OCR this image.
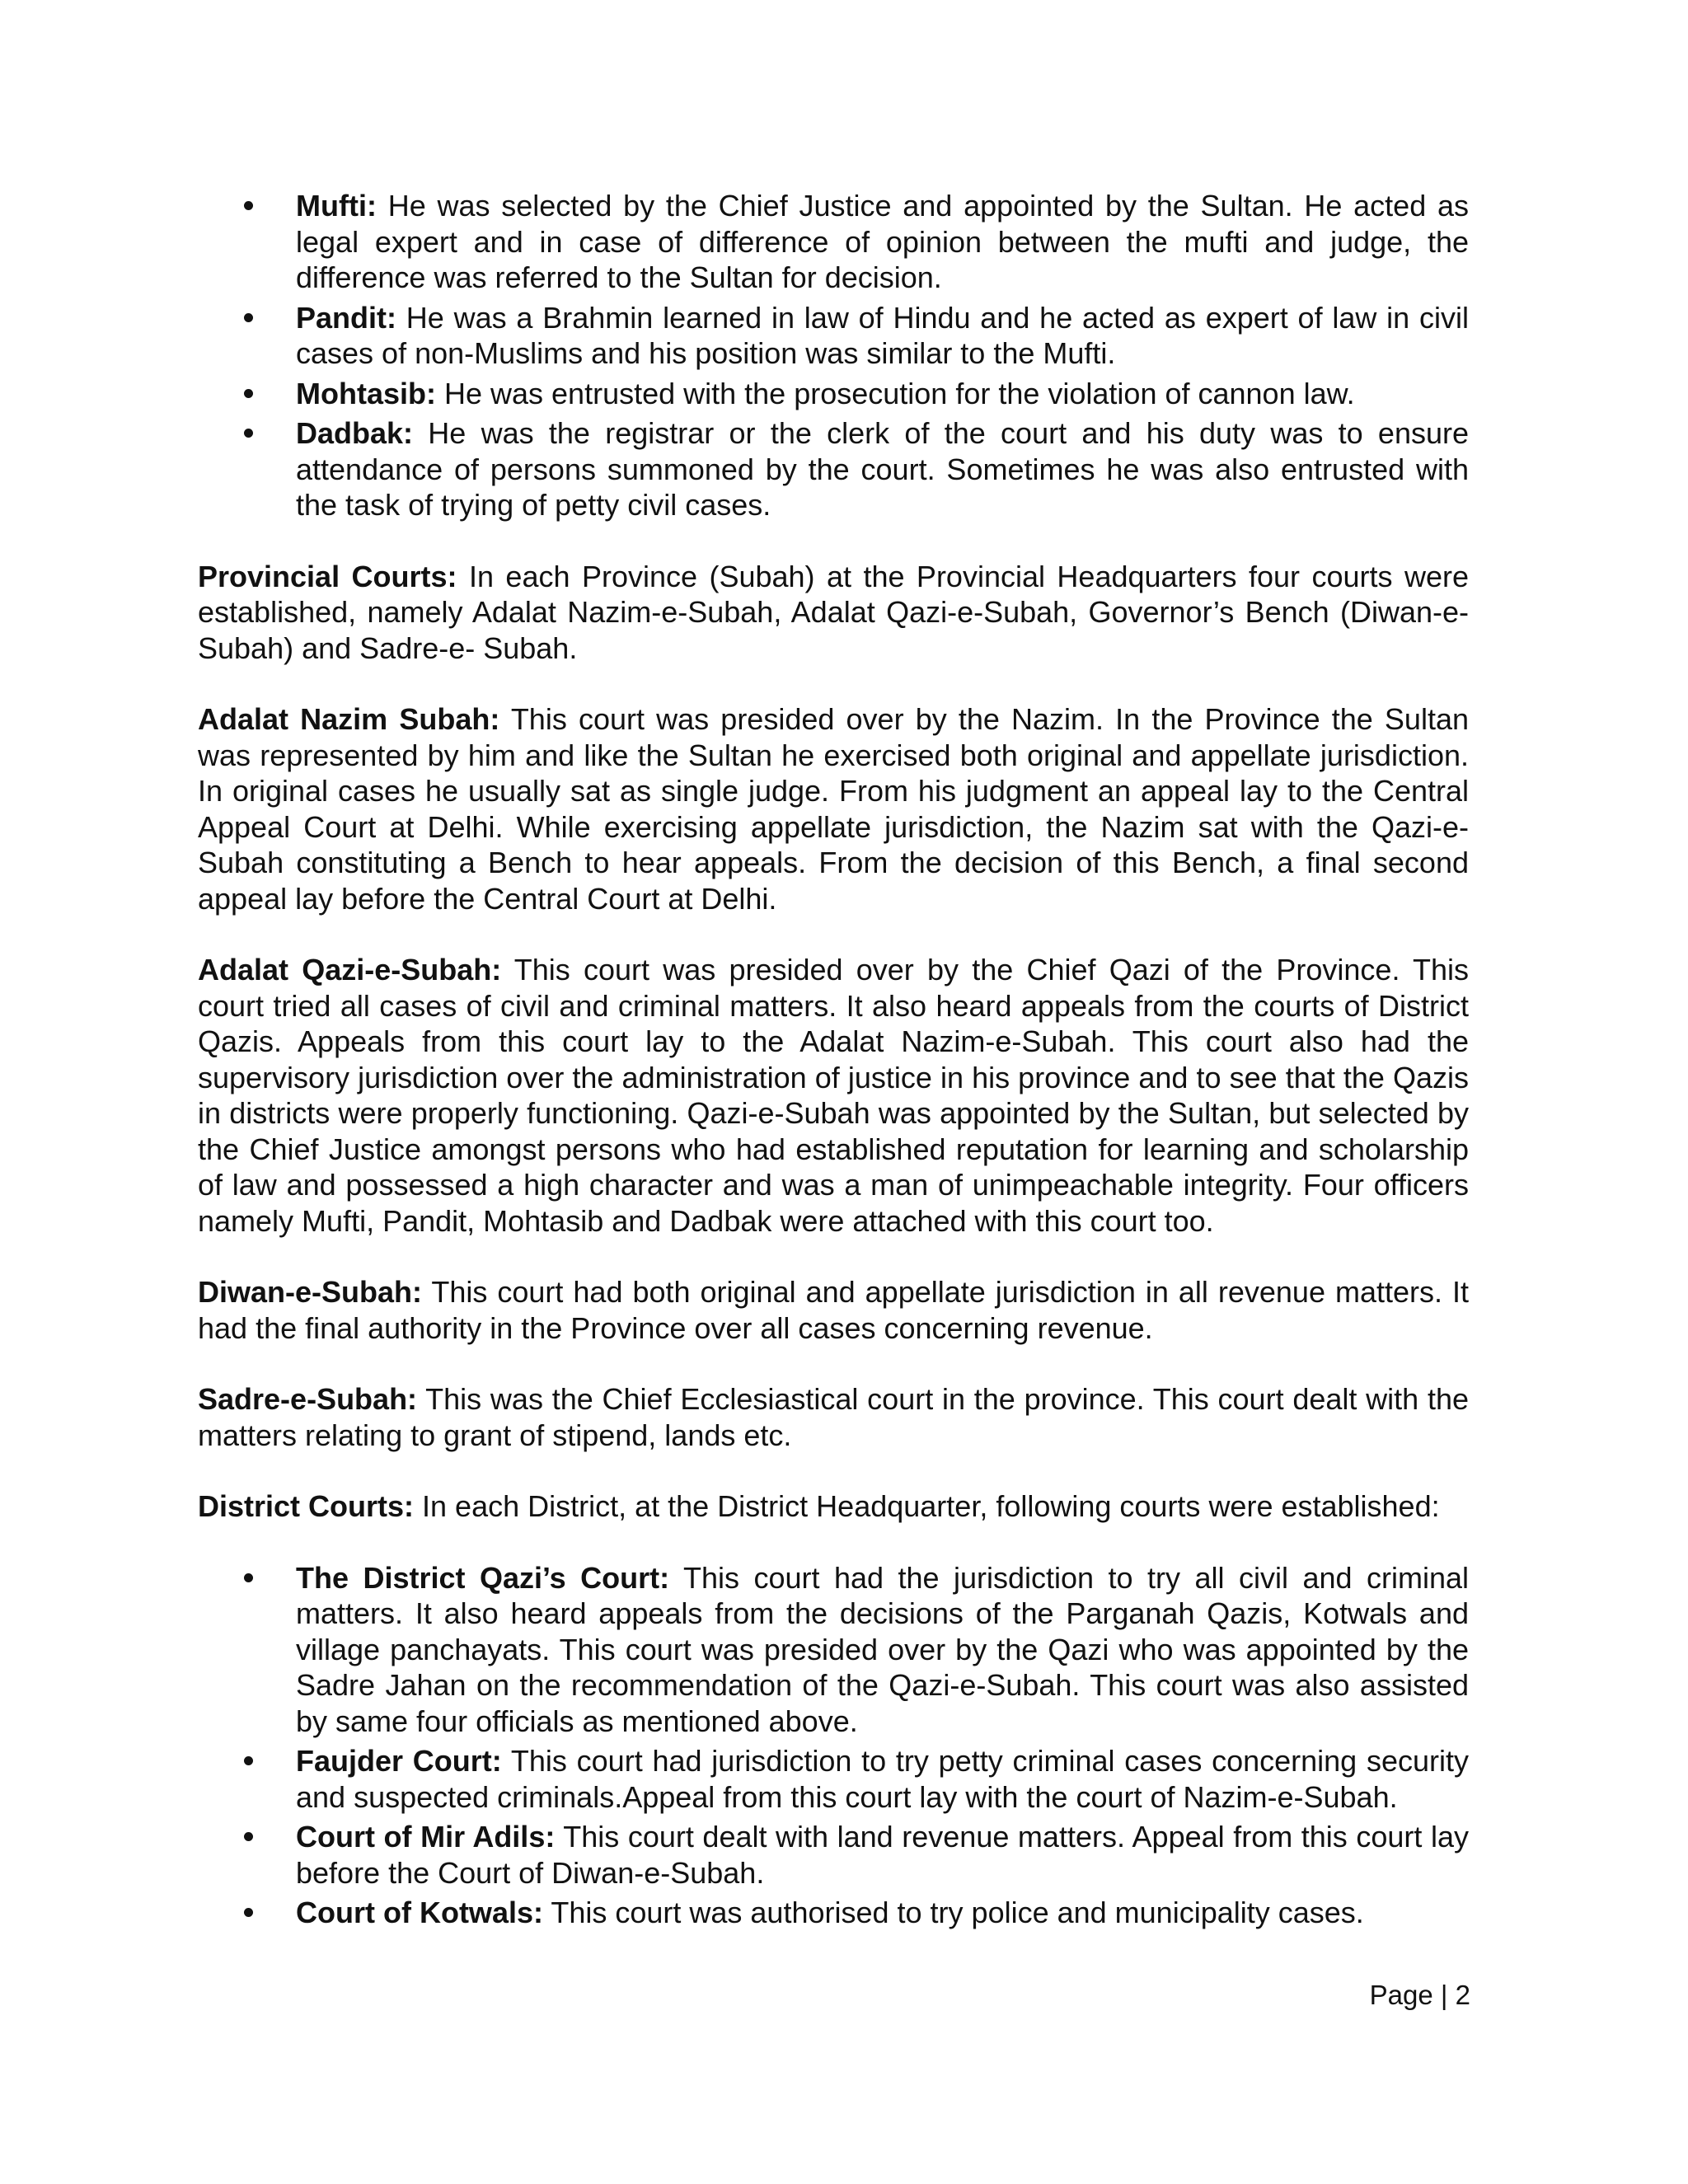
Mufti: He was selected by the Chief Justice and appointed by the Sultan. He acted as legal expert and in case of difference of opinion between the mufti and judge, the difference was referred to the Sultan for decision.
Pandit: He was a Brahmin learned in law of Hindu and he acted as expert of law in civil cases of non-Muslims and his position was similar to the Mufti.
Mohtasib: He was entrusted with the prosecution for the violation of cannon law.
Dadbak: He was the registrar or the clerk of the court and his duty was to ensure attendance of persons summoned by the court. Sometimes he was also entrusted with the task of trying of petty civil cases.

Provincial Courts: In each Province (Subah) at the Provincial Headquarters four courts were established, namely Adalat Nazim-e-Subah, Adalat Qazi-e-Subah, Governor’s Bench (Diwan-e-Subah) and Sadre-e- Subah.

Adalat Nazim Subah: This court was presided over by the Nazim. In the Province the Sultan was represented by him and like the Sultan he exercised both original and appellate jurisdiction. In original cases he usually sat as single judge. From his judgment an appeal lay to the Central Appeal Court at Delhi. While exercising appellate jurisdiction, the Nazim sat with the Qazi-e-Subah constituting a Bench to hear appeals. From the decision of this Bench, a final second appeal lay before the Central Court at Delhi.

Adalat Qazi-e-Subah: This court was presided over by the Chief Qazi of the Province. This court tried all cases of civil and criminal matters. It also heard appeals from the courts of District Qazis. Appeals from this court lay to the Adalat Nazim-e-Subah. This court also had the supervisory jurisdiction over the administration of justice in his province and to see that the Qazis in districts were properly functioning. Qazi-e-Subah was appointed by the Sultan, but selected by the Chief Justice amongst persons who had established reputation for learning and scholarship of law and possessed a high character and was a man of unimpeachable integrity. Four officers namely Mufti, Pandit, Mohtasib and Dadbak were attached with this court too.

Diwan-e-Subah: This court had both original and appellate jurisdiction in all revenue matters. It had the final authority in the Province over all cases concerning revenue.

Sadre-e-Subah: This was the Chief Ecclesiastical court in the province. This court dealt with the matters relating to grant of stipend, lands etc.

District Courts: In each District, at the District Headquarter, following courts were established:

The District Qazi’s Court: This court had the jurisdiction to try all civil and criminal matters. It also heard appeals from the decisions of the Parganah Qazis, Kotwals and village panchayats. This court was presided over by the Qazi who was appointed by the Sadre Jahan on the recommendation of the Qazi-e-Subah. This court was also assisted by same four officials as mentioned above.
Faujder Court: This court had jurisdiction to try petty criminal cases concerning security and suspected criminals.Appeal from this court lay with the court of Nazim-e-Subah.
Court of Mir Adils: This court dealt with land revenue matters. Appeal from this court lay before the Court of Diwan-e-Subah.
Court of Kotwals: This court was authorised to try police and municipality cases.
Page | 2
